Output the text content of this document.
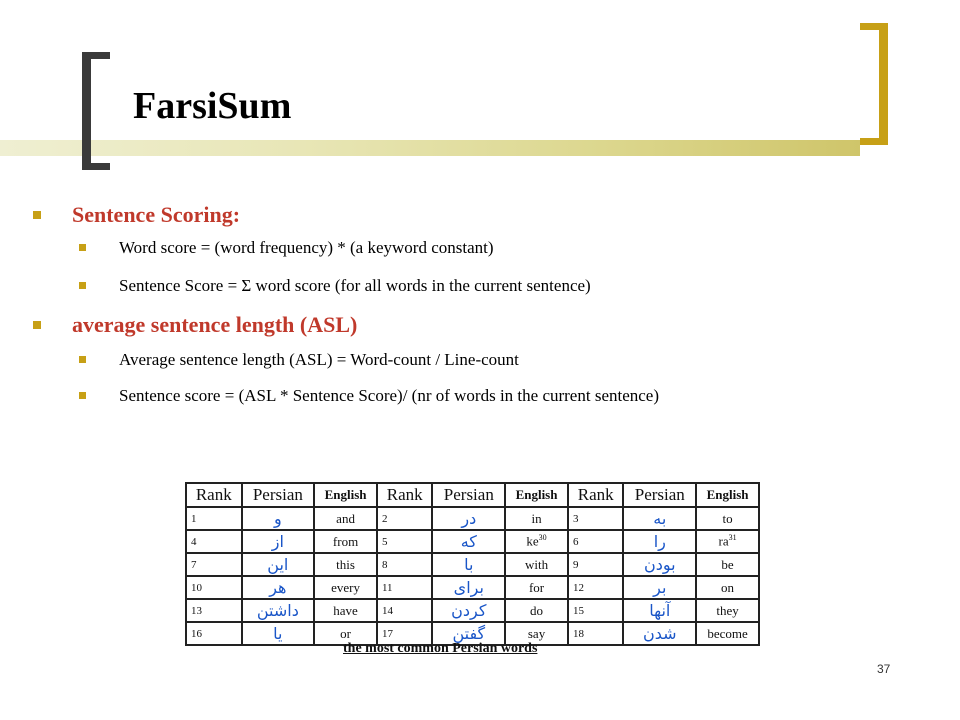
FarsiSum
Sentence Scoring:
Word score = (word frequency) * (a keyword constant)
Sentence Score = Σ word score (for all words in the current sentence)
average sentence length (ASL)
Average sentence length (ASL) = Word-count / Line-count
Sentence score = (ASL * Sentence Score)/ (nr of words in the current sentence)
Rank	Persian	English	Rank	Persian	English	Rank	Persian	English
1	و	and	2	در	in	3	به	to
4	از	from	5	که	$ke^{30}$	6	را	$ra^{31}$
7	این	this	8	با	with	9	بودن	be
10	هر	every	11	برای	for	12	بر	on
13	داشتن	have	14	کردن	do	15	آنها	they
16	یا	or	17	گفتن	say	18	شدن	become
the most common Persian words
37
